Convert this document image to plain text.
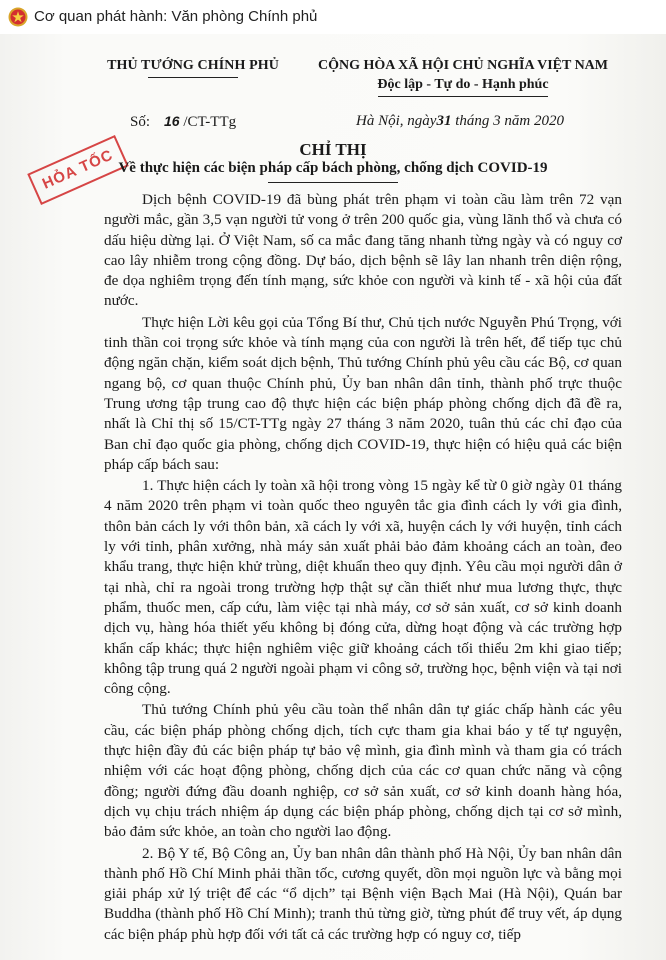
Cơ quan phát hành: Văn phòng Chính phủ
THỦ TƯỚNG CHÍNH PHỦ	CỘNG HÒA XÃ HỘI CHỦ NGHĨA VIỆT NAM
Độc lập - Tự do - Hạnh phúc
Số: 16 /CT-TTg	Hà Nội, ngày31 tháng 3 năm 2020
HỎA TỐC	CHỈ THỊ
Về thực hiện các biện pháp cấp bách phòng, chống dịch COVID-19

Dịch bệnh COVID-19 đã bùng phát trên phạm vi toàn cầu làm trên 72 vạn người mắc, gần 3,5 vạn người tử vong ở trên 200 quốc gia, vùng lãnh thổ và chưa có dấu hiệu dừng lại. Ở Việt Nam, số ca mắc đang tăng nhanh từng ngày và có nguy cơ cao lây nhiễm trong cộng đồng. Dự báo, dịch bệnh sẽ lây lan nhanh trên diện rộng, đe dọa nghiêm trọng đến tính mạng, sức khỏe con người và kinh tế - xã hội của đất nước.

Thực hiện Lời kêu gọi của Tổng Bí thư, Chủ tịch nước Nguyễn Phú Trọng, với tinh thần coi trọng sức khỏe và tính mạng của con người là trên hết, để tiếp tục chủ động ngăn chặn, kiểm soát dịch bệnh, Thủ tướng Chính phủ yêu cầu các Bộ, cơ quan ngang bộ, cơ quan thuộc Chính phủ, Ủy ban nhân dân tỉnh, thành phố trực thuộc Trung ương tập trung cao độ thực hiện các biện pháp phòng chống dịch đã đề ra, nhất là Chỉ thị số 15/CT-TTg ngày 27 tháng 3 năm 2020, tuân thủ các chỉ đạo của Ban chỉ đạo quốc gia phòng, chống dịch COVID-19, thực hiện có hiệu quả các biện pháp cấp bách sau:

1. Thực hiện cách ly toàn xã hội trong vòng 15 ngày kể từ 0 giờ ngày 01 tháng 4 năm 2020 trên phạm vi toàn quốc theo nguyên tắc gia đình cách ly với gia đình, thôn bản cách ly với thôn bản, xã cách ly với xã, huyện cách ly với huyện, tỉnh cách ly với tỉnh, phân xưởng, nhà máy sản xuất phải bảo đảm khoảng cách an toàn, đeo khẩu trang, thực hiện khử trùng, diệt khuẩn theo quy định. Yêu cầu mọi người dân ở tại nhà, chỉ ra ngoài trong trường hợp thật sự cần thiết như mua lương thực, thực phẩm, thuốc men, cấp cứu, làm việc tại nhà máy, cơ sở sản xuất, cơ sở kinh doanh dịch vụ, hàng hóa thiết yếu không bị đóng cửa, dừng hoạt động và các trường hợp khẩn cấp khác; thực hiện nghiêm việc giữ khoảng cách tối thiểu 2m khi giao tiếp; không tập trung quá 2 người ngoài phạm vi công sở, trường học, bệnh viện và tại nơi công cộng.

Thủ tướng Chính phủ yêu cầu toàn thể nhân dân tự giác chấp hành các yêu cầu, các biện pháp phòng chống dịch, tích cực tham gia khai báo y tế tự nguyện, thực hiện đầy đủ các biện pháp tự bảo vệ mình, gia đình mình và tham gia có trách nhiệm với các hoạt động phòng, chống dịch của các cơ quan chức năng và cộng đồng; người đứng đầu doanh nghiệp, cơ sở sản xuất, cơ sở kinh doanh hàng hóa, dịch vụ chịu trách nhiệm áp dụng các biện pháp phòng, chống dịch tại cơ sở mình, bảo đảm sức khỏe, an toàn cho người lao động.

2. Bộ Y tế, Bộ Công an, Ủy ban nhân dân thành phố Hà Nội, Ủy ban nhân dân thành phố Hồ Chí Minh phải thần tốc, cương quyết, dồn mọi nguồn lực và bằng mọi giải pháp xử lý triệt để các “ổ dịch” tại Bệnh viện Bạch Mai (Hà Nội), Quán bar Buddha (thành phố Hồ Chí Minh); tranh thủ từng giờ, từng phút để truy vết, áp dụng các biện pháp phù hợp đối với tất cả các trường hợp có nguy cơ, tiếp
